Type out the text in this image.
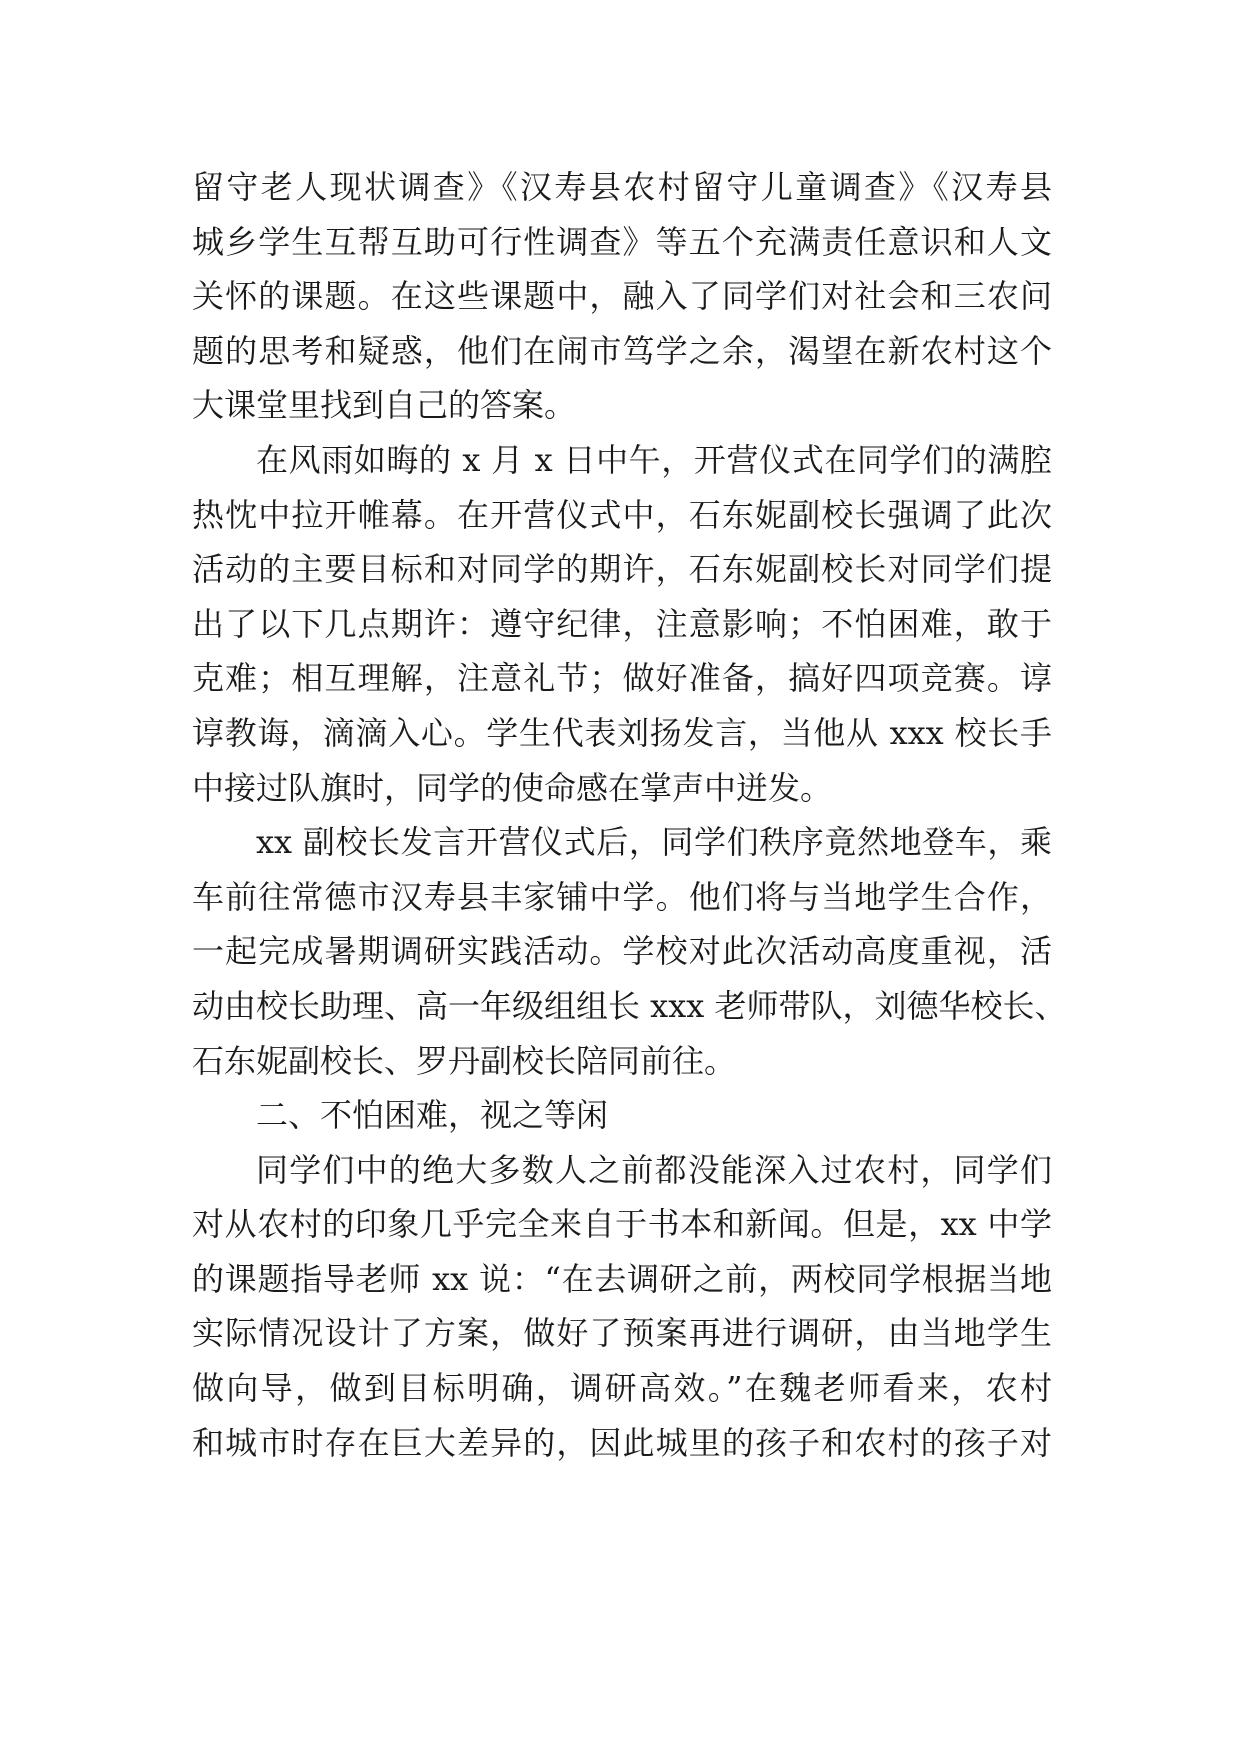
留守老人现状调查》《汉寿县农村留守儿童调查》《汉寿县
城乡学生互帮互助可行性调查》等五个充满责任意识和人文
关怀的课题。在这些课题中，融入了同学们对社会和三农问
题的思考和疑惑，他们在闹市笃学之余，渴望在新农村这个
大课堂里找到自己的答案。
在风雨如晦的 x 月 x 日中午，开营仪式在同学们的满腔
热忱中拉开帷幕。在开营仪式中，石东妮副校长强调了此次
活动的主要目标和对同学的期许，石东妮副校长对同学们提
出了以下几点期许：遵守纪律，注意影响；不怕困难，敢于
克难；相互理解，注意礼节；做好准备，搞好四项竞赛。谆
谆教诲，滴滴入心。学生代表刘扬发言，当他从 xxx 校长手
中接过队旗时，同学的使命感在掌声中迸发。
xx 副校长发言开营仪式后，同学们秩序竟然地登车，乘
车前往常德市汉寿县丰家铺中学。他们将与当地学生合作，
一起完成暑期调研实践活动。学校对此次活动高度重视，活
动由校长助理、高一年级组组长 xxx 老师带队，刘德华校长、
石东妮副校长、罗丹副校长陪同前往。
二、不怕困难，视之等闲
同学们中的绝大多数人之前都没能深入过农村，同学们
对从农村的印象几乎完全来自于书本和新闻。但是，xx 中学
的课题指导老师 xx 说：“在去调研之前，两校同学根据当地
实际情况设计了方案，做好了预案再进行调研，由当地学生
做向导，做到目标明确，调研高效。”在魏老师看来，农村
和城市时存在巨大差异的，因此城里的孩子和农村的孩子对
